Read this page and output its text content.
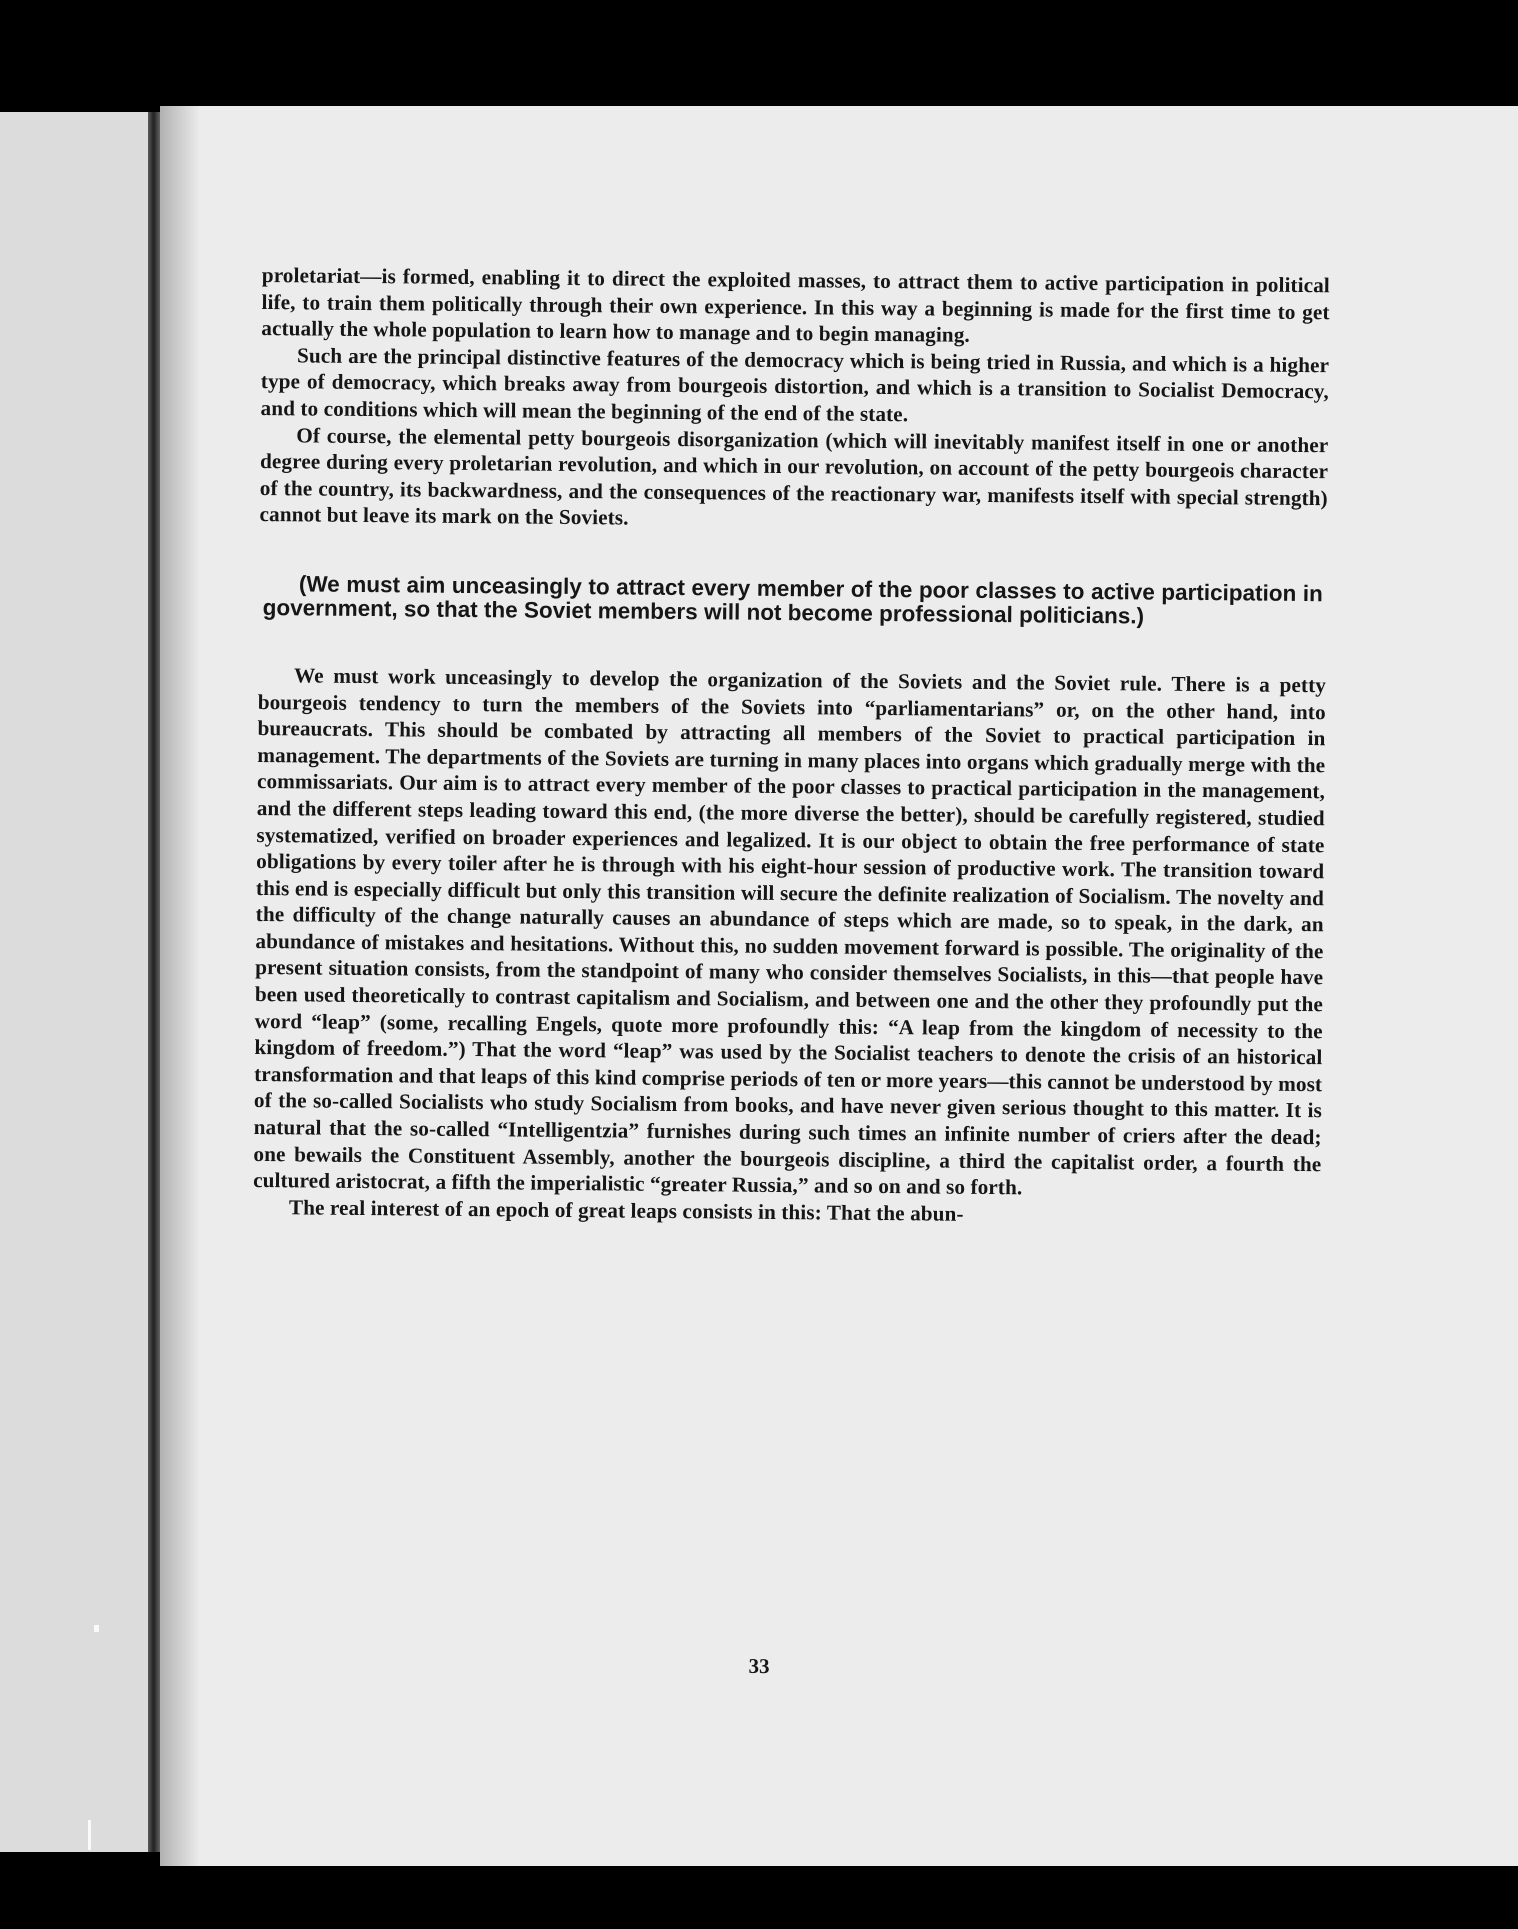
proletariat—is formed, enabling it to direct the exploited masses, to attract them to active participation in political life, to train them politically through their own experience. In this way a beginning is made for the first time to get actually the whole population to learn how to manage and to begin managing.

Such are the principal distinctive features of the democracy which is being tried in Russia, and which is a higher type of democracy, which breaks away from bourgeois distortion, and which is a transition to Socialist Democracy, and to conditions which will mean the beginning of the end of the state.

Of course, the elemental petty bourgeois disorganization (which will inevitably manifest itself in one or another degree during every proletarian revolution, and which in our revolution, on account of the petty bourgeois character of the country, its backwardness, and the consequences of the reactionary war, manifests itself with special strength) cannot but leave its mark on the Soviets.

(We must aim unceasingly to attract every member of the poor classes to active participation in government, so that the Soviet members will not become professional politicians.)

We must work unceasingly to develop the organization of the Soviets and the Soviet rule. There is a petty bourgeois tendency to turn the members of the Soviets into “parliamentarians” or, on the other hand, into bureaucrats. This should be combated by attracting all members of the Soviet to practical participation in management. The departments of the Soviets are turning in many places into organs which gradually merge with the commissariats. Our aim is to attract every member of the poor classes to practical participation in the management, and the different steps leading toward this end, (the more diverse the better), should be carefully registered, studied systematized, verified on broader experiences and legalized. It is our object to obtain the free performance of state obligations by every toiler after he is through with his eight-hour session of productive work. The transition toward this end is especially difficult but only this transition will secure the definite realization of Socialism. The novelty and the difficulty of the change naturally causes an abundance of steps which are made, so to speak, in the dark, an abundance of mistakes and hesitations. Without this, no sudden movement forward is possible. The originality of the present situation consists, from the standpoint of many who consider themselves Socialists, in this—that people have been used theoretically to contrast capitalism and Socialism, and between one and the other they profoundly put the word “leap” (some, recalling Engels, quote more profoundly this: “A leap from the kingdom of necessity to the kingdom of freedom.”) That the word “leap” was used by the Socialist teachers to denote the crisis of an historical transformation and that leaps of this kind comprise periods of ten or more years—this cannot be understood by most of the so-called Socialists who study Socialism from books, and have never given serious thought to this matter. It is natural that the so-called “Intelligentzia” furnishes during such times an infinite number of criers after the dead; one bewails the Constituent Assembly, another the bourgeois discipline, a third the capitalist order, a fourth the cultured aristocrat, a fifth the imperialistic “greater Russia,” and so on and so forth.

The real interest of an epoch of great leaps consists in this: That the abun-

33
